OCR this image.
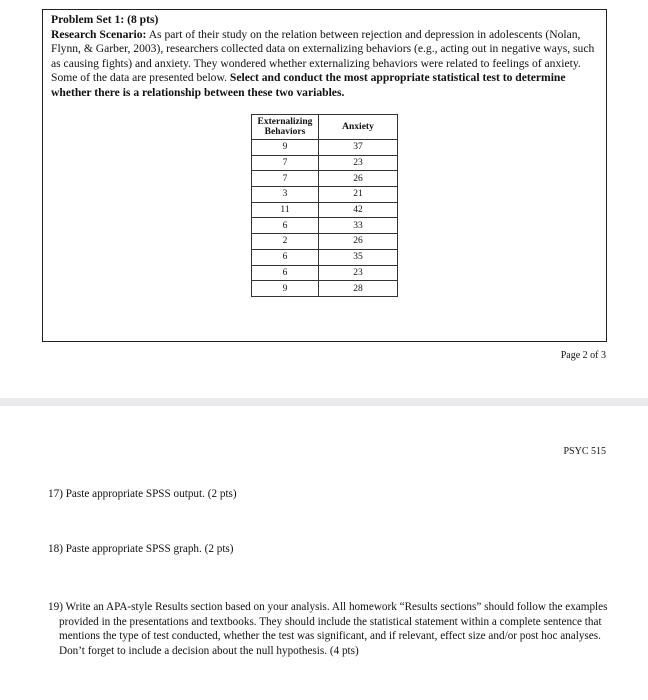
Problem Set 1: (8 pts)
Research Scenario: As part of their study on the relation between rejection and depression in adolescents (Nolan, Flynn, & Garber, 2003), researchers collected data on externalizing behaviors (e.g., acting out in negative ways, such as causing fights) and anxiety. They wondered whether externalizing behaviors were related to feelings of anxiety. Some of the data are presented below. Select and conduct the most appropriate statistical test to determine whether there is a relationship between these two variables.
Externalizing Behaviors	Anxiety
9	37
7	23
7	26
3	21
11	42
6	33
2	26
6	35
6	23
9	28
Page 2 of 3
PSYC 515
17) Paste appropriate SPSS output. (2 pts)
18) Paste appropriate SPSS graph. (2 pts)
19) Write an APA-style Results section based on your analysis. All homework “Results sections” should follow the examples provided in the presentations and textbooks. They should include the statistical statement within a complete sentence that mentions the type of test conducted, whether the test was significant, and if relevant, effect size and/or post hoc analyses. Don’t forget to include a decision about the null hypothesis. (4 pts)
